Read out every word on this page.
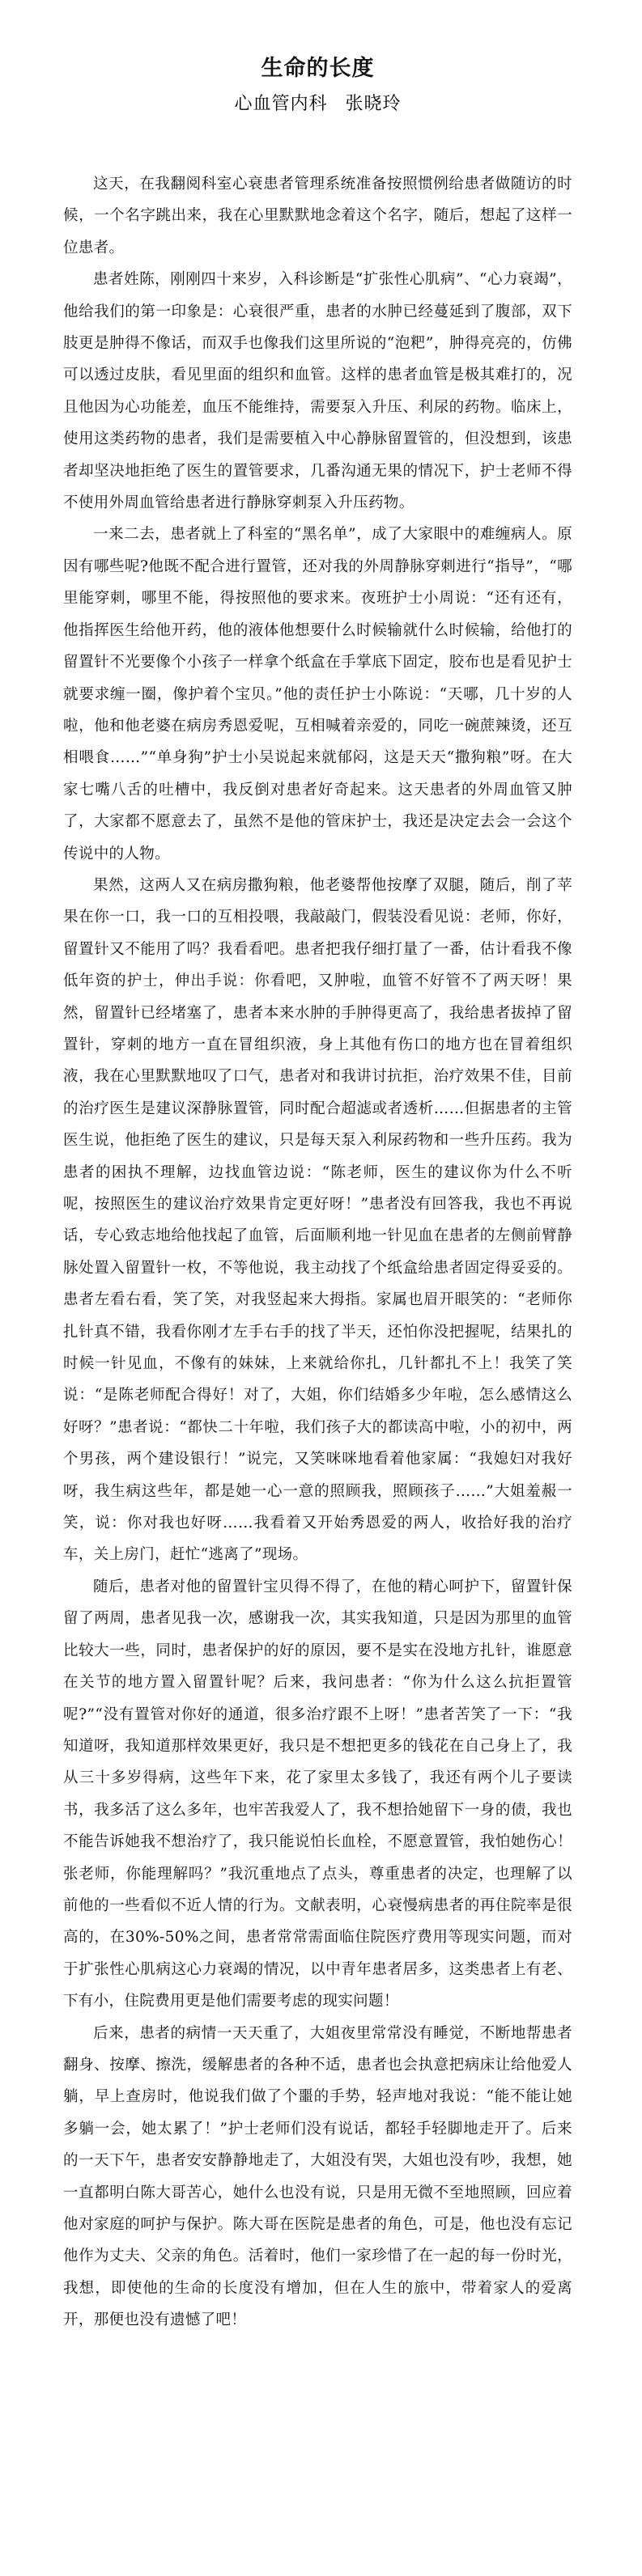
生命的长度
心血管内科 张晓玲

这天，在我翻阅科室心衰患者管理系统准备按照惯例给患者做随访的时候，一个名字跳出来，我在心里默默地念着这个名字，随后，想起了这样一位患者。

患者姓陈，刚刚四十来岁，入科诊断是“扩张性心肌病”、“心力衰竭”，他给我们的第一印象是：心衰很严重，患者的水肿已经蔓延到了腹部，双下肢更是肿得不像话，而双手也像我们这里所说的“泡粑”，肿得亮亮的，仿佛可以透过皮肤，看见里面的组织和血管。这样的患者血管是极其难打的，况且他因为心功能差，血压不能维持，需要泵入升压、利尿的药物。临床上，使用这类药物的患者，我们是需要植入中心静脉留置管的，但没想到，该患者却坚决地拒绝了医生的置管要求，几番沟通无果的情况下，护士老师不得不使用外周血管给患者进行静脉穿刺泵入升压药物。

一来二去，患者就上了科室的“黑名单”，成了大家眼中的难缠病人。原因有哪些呢?他既不配合进行置管，还对我的外周静脉穿刺进行“指导”，“哪里能穿刺，哪里不能，得按照他的要求来。夜班护士小周说：“还有还有，他指挥医生给他开药，他的液体他想要什么时候输就什么时候输，给他打的留置针不光要像个小孩子一样拿个纸盒在手掌底下固定，胶布也是看见护士就要求缠一圈，像护着个宝贝。”他的责任护士小陈说：“天哪，几十岁的人啦，他和他老婆在病房秀恩爱呢，互相喊着亲爱的，同吃一碗蔗辣烫，还互相喂食……”“单身狗”护士小吴说起来就郁闷，这是天天“撒狗粮”呀。在大家七嘴八舌的吐槽中，我反倒对患者好奇起来。这天患者的外周血管又肿了，大家都不愿意去了，虽然不是他的管床护士，我还是决定去会一会这个传说中的人物。

果然，这两人又在病房撒狗粮，他老婆帮他按摩了双腿，随后，削了苹果在你一口，我一口的互相投喂，我敲敲门，假装没看见说：老师，你好，留置针又不能用了吗？我看看吧。患者把我仔细打量了一番，估计看我不像低年资的护士，伸出手说：你看吧，又肿啦，血管不好管不了两天呀！果然，留置针已经堵塞了，患者本来水肿的手肿得更高了，我给患者拔掉了留置针，穿刺的地方一直在冒组织液，身上其他有伤口的地方也在冒着组织液，我在心里默默地叹了口气，患者对和我讲讨抗拒，治疗效果不佳，目前的治疗医生是建议深静脉置管，同时配合超滤或者透析……但据患者的主管医生说，他拒绝了医生的建议，只是每天泵入利尿药物和一些升压药。我为患者的困执不理解，边找血管边说：“陈老师，医生的建议你为什么不听呢，按照医生的建议治疗效果肯定更好呀！”患者没有回答我，我也不再说话，专心致志地给他找起了血管，后面顺利地一针见血在患者的左侧前臂静脉处置入留置针一枚，不等他说，我主动找了个纸盒给患者固定得妥妥的。患者左看右看，笑了笑，对我竖起来大拇指。家属也眉开眼笑的：“老师你扎针真不错，我看你刚才左手右手的找了半天，还怕你没把握呢，结果扎的时候一针见血，不像有的妹妹，上来就给你扎，几针都扎不上！我笑了笑说：“是陈老师配合得好！对了，大姐，你们结婚多少年啦，怎么感情这么好呀？”患者说：“都快二十年啦，我们孩子大的都读高中啦，小的初中，两个男孩，两个建设银行！”说完，又笑咪咪地看着他家属：“我媳妇对我好呀，我生病这些年，都是她一心一意的照顾我，照顾孩子……”大姐羞赧一笑，说：你对我也好呀……我看着又开始秀恩爱的两人，收拾好我的治疗车，关上房门，赶忙“逃离了”现场。

随后，患者对他的留置针宝贝得不得了，在他的精心呵护下，留置针保留了两周，患者见我一次，感谢我一次，其实我知道，只是因为那里的血管比较大一些，同时，患者保护的好的原因，要不是实在没地方扎针，谁愿意在关节的地方置入留置针呢？后来，我问患者：“你为什么这么抗拒置管呢?”“没有置管对你好的通道，很多治疗跟不上呀！”患者苦笑了一下：“我知道呀，我知道那样效果更好，我只是不想把更多的钱花在自己身上了，我从三十多岁得病，这些年下来，花了家里太多钱了，我还有两个儿子要读书，我多活了这么多年，也牢苦我爱人了，我不想拾她留下一身的债，我也不能告诉她我不想治疗了，我只能说怕长血栓，不愿意置管，我怕她伤心！张老师，你能理解吗？”我沉重地点了点头，尊重患者的决定，也理解了以前他的一些看似不近人情的行为。文献表明，心衰慢病患者的再住院率是很高的，在30%-50%之间，患者常常需面临住院医疗费用等现实问题，而对于扩张性心肌病这心力衰竭的情况，以中青年患者居多，这类患者上有老、下有小，住院费用更是他们需要考虑的现实问题！

后来，患者的病情一天天重了，大姐夜里常常没有睡觉，不断地帮患者翻身、按摩、擦洗，缓解患者的各种不适，患者也会执意把病床让给他爱人躺，早上查房时，他说我们做了个噩的手势，轻声地对我说：“能不能让她多躺一会，她太累了！”护士老师们没有说话，都轻手轻脚地走开了。后来的一天下午，患者安安静静地走了，大姐没有哭，大姐也没有吵，我想，她一直都明白陈大哥苦心，她什么也没有说，只是用无微不至地照顾，回应着他对家庭的呵护与保护。陈大哥在医院是患者的角色，可是，他也没有忘记他作为丈夫、父亲的角色。活着时，他们一家珍惜了在一起的每一份时光，我想，即使他的生命的长度没有增加，但在人生的旅中，带着家人的爱离开，那便也没有遗憾了吧！
